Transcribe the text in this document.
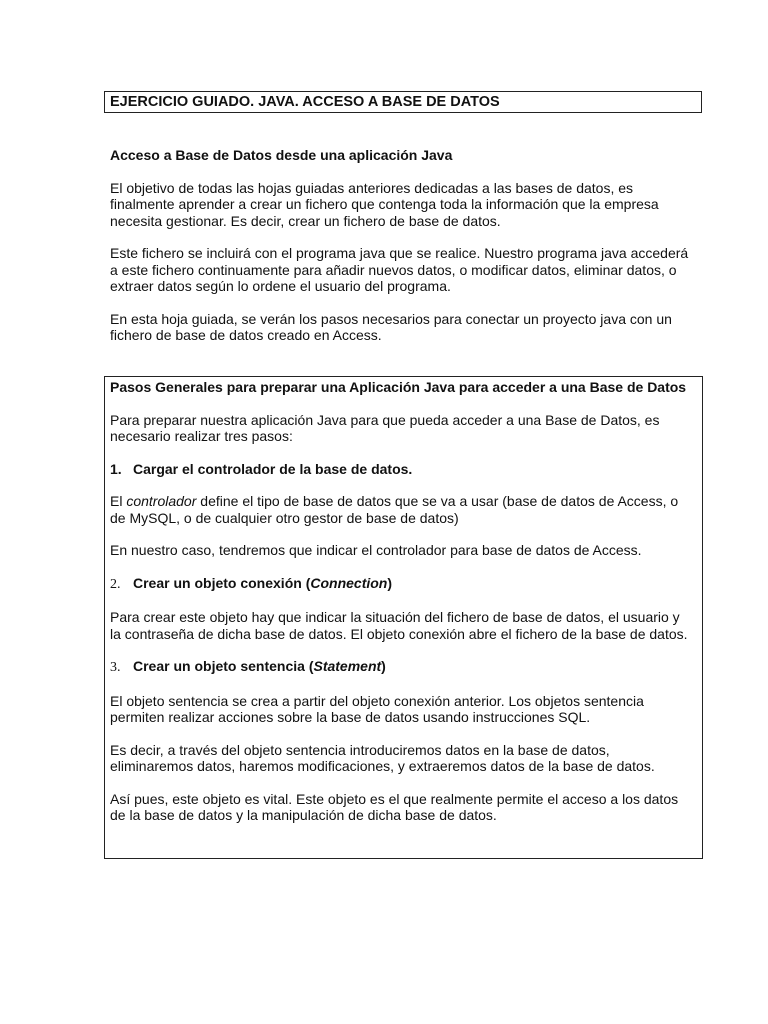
EJERCICIO GUIADO. JAVA. ACCESO A BASE DE DATOS

Acceso a Base de Datos desde una aplicación Java

El objetivo de todas las hojas guiadas anteriores dedicadas a las bases de datos, es

finalmente aprender a crear un fichero que contenga toda la información que la empresa

necesita gestionar. Es decir, crear un fichero de base de datos.

Este fichero se incluirá con el programa java que se realice. Nuestro programa java accederá

a este fichero continuamente para añadir nuevos datos, o modificar datos, eliminar datos, o

extraer datos según lo ordene el usuario del programa.

En esta hoja guiada, se verán los pasos necesarios para conectar un proyecto java con un

fichero de base de datos creado en Access.

Pasos Generales para preparar una Aplicación Java para acceder a una Base de Datos

Para preparar nuestra aplicación Java para que pueda acceder a una Base de Datos, es

necesario realizar tres pasos:

1. Cargar el controlador de la base de datos.

El controlador define el tipo de base de datos que se va a usar (base de datos de Access, o

de MySQL, o de cualquier otro gestor de base de datos)

En nuestro caso, tendremos que indicar el controlador para base de datos de Access.

2. Crear un objeto conexión (Connection)

Para crear este objeto hay que indicar la situación del fichero de base de datos, el usuario y

la contraseña de dicha base de datos. El objeto conexión abre el fichero de la base de datos.

3. Crear un objeto sentencia (Statement)

El objeto sentencia se crea a partir del objeto conexión anterior. Los objetos sentencia

permiten realizar acciones sobre la base de datos usando instrucciones SQL.

Es decir, a través del objeto sentencia introduciremos datos en la base de datos,

eliminaremos datos, haremos modificaciones, y extraeremos datos de la base de datos.

Así pues, este objeto es vital. Este objeto es el que realmente permite el acceso a los datos

de la base de datos y la manipulación de dicha base de datos.
